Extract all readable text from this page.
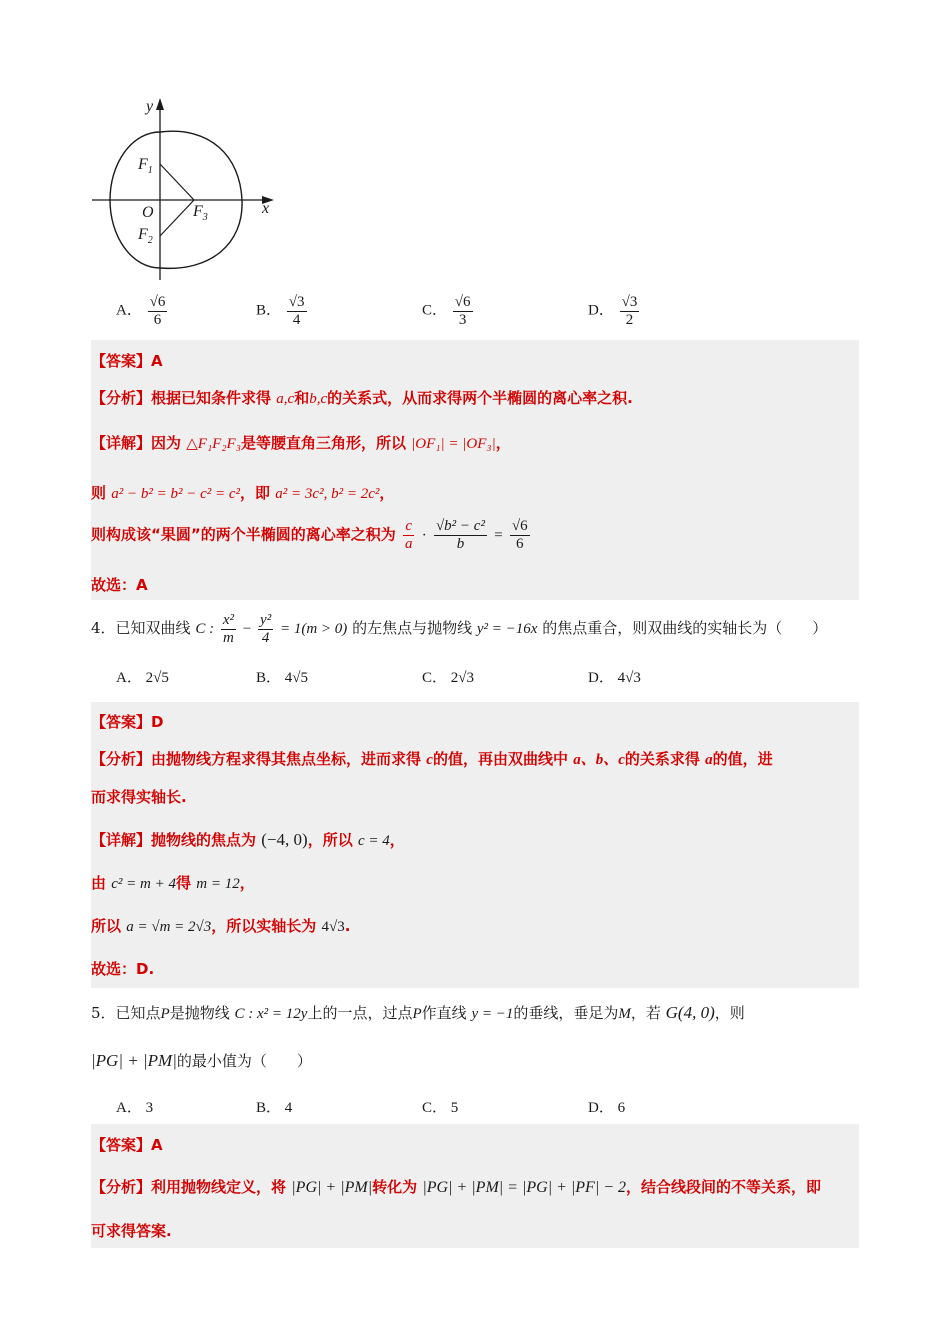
y
x
O
$F_1$
$F_2$
$F_3$
A． $\frac{√6}{6}$	B． $\frac{√3}{4}$	C． $\frac{√6}{3}$	D． $\frac{√3}{2}$
【答案】A
【分析】根据已知条件求得 a,c和b,c的关系式，从而求得两个半椭圆的离心率之积.
【详解】因为 △F₁F₂F₃是等腰直角三角形，所以 |OF₁| = |OF₃|，
则 a² − b² = b² − c² = c²，即 a² = 3c², b² = 2c²，
则构成该“果圆”的两个半椭圆的离心率之积为 $\frac{c}{a} \cdot \frac{\text{√b² − c²}}{b} = \frac{√6}{6}$
故选：A
4．已知双曲线 C : $\frac{\text{x²}}{m} - \frac{\text{y²}}{4} = 1(m > 0)$ 的左焦点与抛物线 y² = −16x 的焦点重合，则双曲线的实轴长为（　　）
A． 2√5	B． 4√5	C． 2√3	D． 4√3
【答案】D
【分析】由抛物线方程求得其焦点坐标，进而求得 c的值，再由双曲线中 a、b、c的关系求得 a的值，进
而求得实轴长.
【详解】抛物线的焦点为 (−4, 0)，所以 c = 4，
由 c² = m + 4得 m = 12，
所以 a = √m = 2√3，所以实轴长为 4√3.
故选：D.
5．已知点P是抛物线 C : x² = 12y上的一点，过点P作直线 y = −1的垂线，垂足为M，若 G(4, 0)，则
|PG| + |PM|的最小值为（　　）
A． 3	B． 4	C． 5	D． 6
【答案】A
【分析】利用抛物线定义，将 |PG| + |PM|转化为 |PG| + |PM| = |PG| + |PF| − 2，结合线段间的不等关系，即
可求得答案.
